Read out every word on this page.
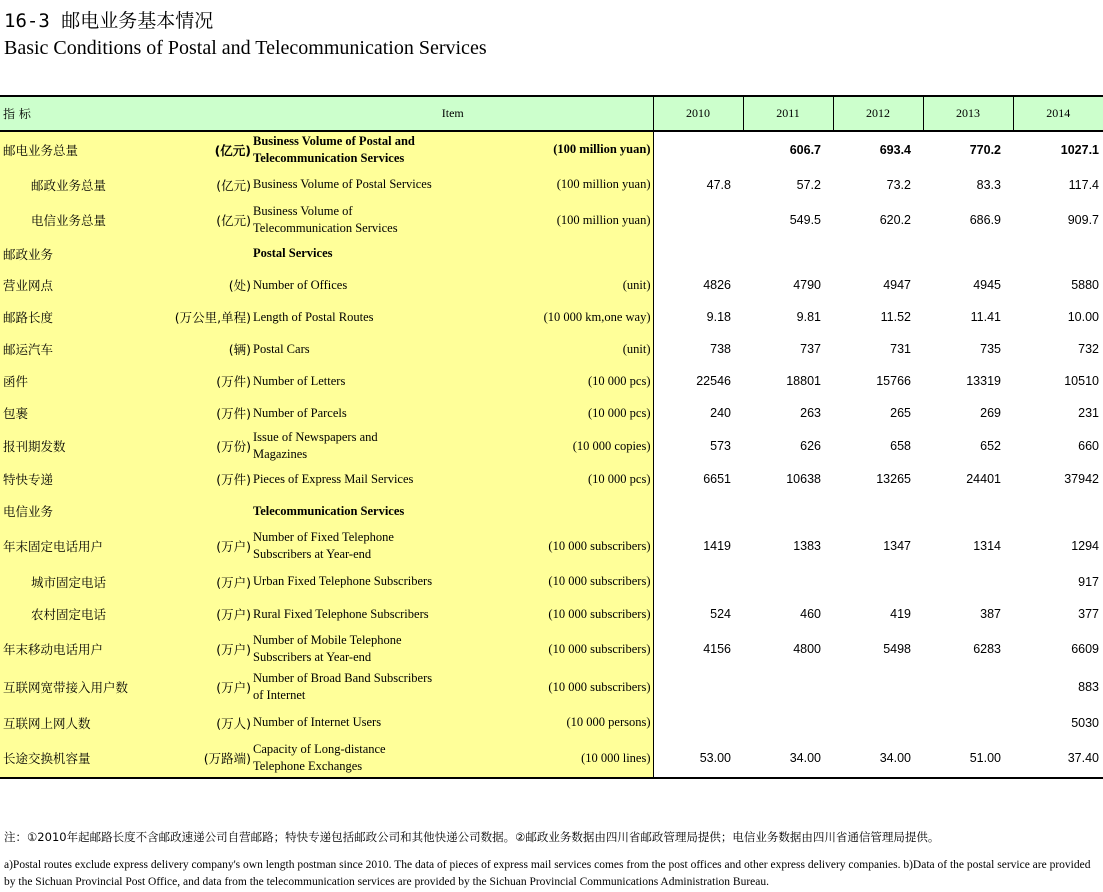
16-3 邮电业务基本情况
Basic Conditions of Postal and Telecommunication Services
指 标	Item	2010	2011	2012	2013	2014

邮电业务总量 (亿元)	Business Volume of Postal and
Telecommunication Services
(100 million yuan)		606.7	693.4	770.2	1027.1

邮政业务总量 (亿元)	Business Volume of Postal Services (100 million yuan)	47.8	57.2	73.2	83.3	117.4

电信业务总量 (亿元)	Business Volume of
Telecommunication Services
(100 million yuan)		549.5	620.2	686.9	909.7

邮政业务	Postal Services					

营业网点 (处)	Number of Offices (unit)	4826	4790	4947	4945	5880

邮路长度 (万公里,单程)	Length of Postal Routes (10 000 km,one way)	9.18	9.81	11.52	11.41	10.00

邮运汽车 (辆)	Postal Cars (unit)	738	737	731	735	732

函件 (万件)	Number of Letters (10 000 pcs)	22546	18801	15766	13319	10510

包裹 (万件)	Number of Parcels (10 000 pcs)	240	263	265	269	231

报刊期发数 (万份)	Issue of Newspapers and
Magazines
(10 000 copies)	573	626	658	652	660

特快专递 (万件)	Pieces of Express Mail Services (10 000 pcs)	6651	10638	13265	24401	37942

电信业务	Telecommunication Services					

年末固定电话用户 (万户)	Number of Fixed Telephone
Subscribers at Year-end
(10 000 subscribers)	1419	1383	1347	1314	1294

城市固定电话 (万户)	Urban Fixed Telephone Subscribers (10 000 subscribers)					917

农村固定电话 (万户)	Rural Fixed Telephone Subscribers (10 000 subscribers)	524	460	419	387	377

年末移动电话用户 (万户)	Number of Mobile Telephone
Subscribers at Year-end
(10 000 subscribers)	4156	4800	5498	6283	6609

互联网宽带接入用户数 (万户)	Number of Broad Band Subscribers
of Internet
(10 000 subscribers)					883

互联网上网人数 (万人)	Number of Internet Users (10 000 persons)					5030

长途交换机容量 (万路端)	Capacity of Long-distance
Telephone Exchanges
(10 000 lines)	53.00	34.00	34.00	51.00	37.40
注：①2010年起邮路长度不含邮政速递公司自营邮路；特快专递包括邮政公司和其他快递公司数据。②邮政业务数据由四川省邮政管理局提供；电信业务数据由四川省通信管理局提供。
a)Postal routes exclude express delivery company's own length postman since 2010. The data of pieces of express mail services comes from the post offices and other express delivery companies. b)Data of the postal service are provided by the Sichuan Provincial Post Office, and data from the telecommunication services are provided by the Sichuan Provincial Communications Administration Bureau.
